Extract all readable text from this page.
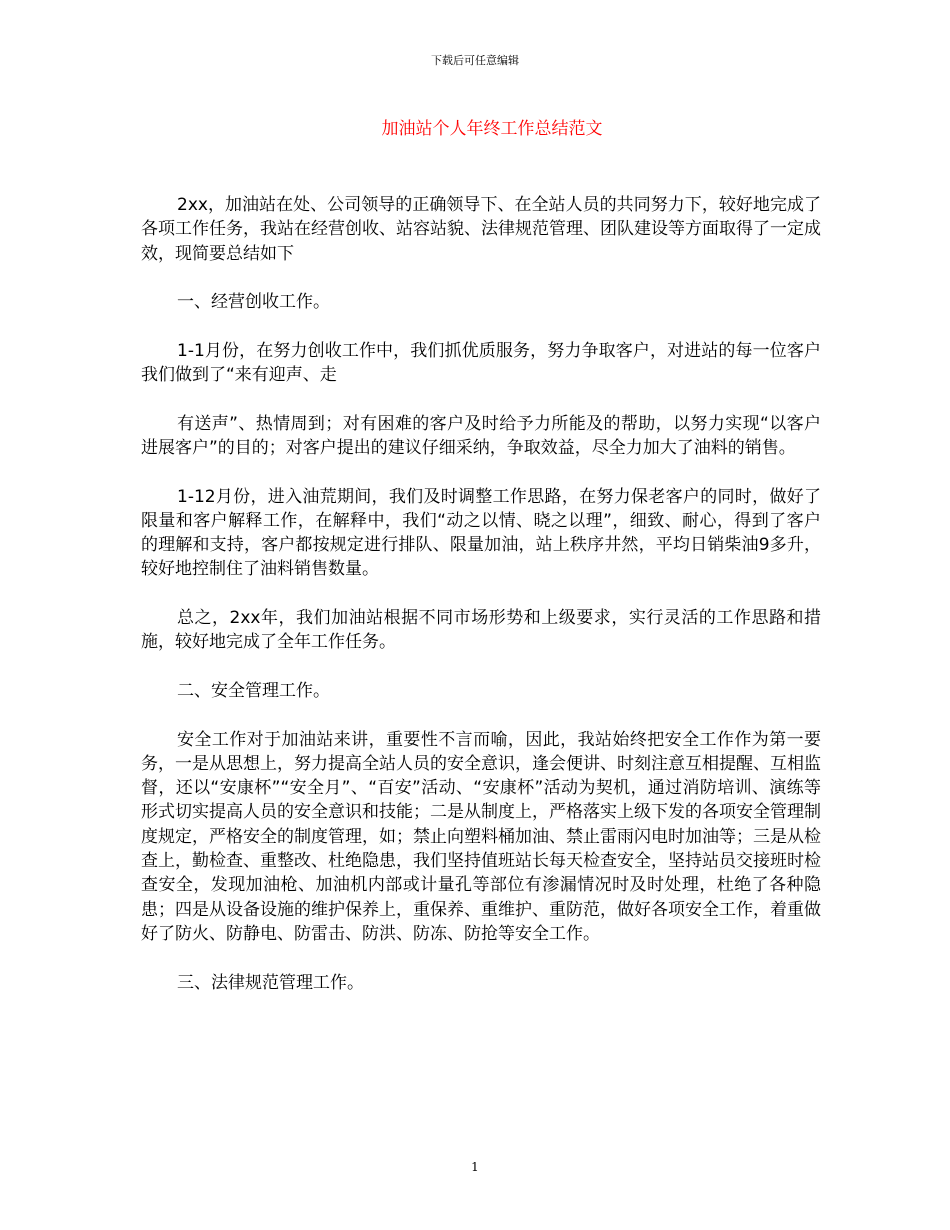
下载后可任意编辑
加油站个人年终工作总结范文

2xx，加油站在处、公司领导的正确领导下、在全站人员的共同努力下，较好地完成了各项工作任务，我站在经营创收、站容站貌、法律规范管理、团队建设等方面取得了一定成效，现简要总结如下

一、经营创收工作。

1-1月份，在努力创收工作中，我们抓优质服务，努力争取客户，对进站的每一位客户我们做到了“来有迎声、走

有送声”、热情周到；对有困难的客户及时给予力所能及的帮助，以努力实现“以客户进展客户”的目的；对客户提出的建议仔细采纳，争取效益，尽全力加大了油料的销售。

1-12月份，进入油荒期间，我们及时调整工作思路，在努力保老客户的同时，做好了限量和客户解释工作，在解释中，我们“动之以情、晓之以理”，细致、耐心，得到了客户的理解和支持，客户都按规定进行排队、限量加油，站上秩序井然，平均日销柴油9多升，较好地控制住了油料销售数量。

总之，2xx年，我们加油站根据不同市场形势和上级要求，实行灵活的工作思路和措施，较好地完成了全年工作任务。

二、安全管理工作。

安全工作对于加油站来讲，重要性不言而喻，因此，我站始终把安全工作作为第一要务，一是从思想上，努力提高全站人员的安全意识，逢会便讲、时刻注意互相提醒、互相监督，还以“安康杯”“安全月”、“百安”活动、“安康杯”活动为契机，通过消防培训、演练等形式切实提高人员的安全意识和技能；二是从制度上，严格落实上级下发的各项安全管理制度规定，严格安全的制度管理，如；禁止向塑料桶加油、禁止雷雨闪电时加油等；三是从检查上，勤检查、重整改、杜绝隐患，我们坚持值班站长每天检查安全，坚持站员交接班时检查安全，发现加油枪、加油机内部或计量孔等部位有渗漏情况时及时处理，杜绝了各种隐患；四是从设备设施的维护保养上，重保养、重维护、重防范，做好各项安全工作，着重做好了防火、防静电、防雷击、防洪、防冻、防抢等安全工作。

三、法律规范管理工作。

1
